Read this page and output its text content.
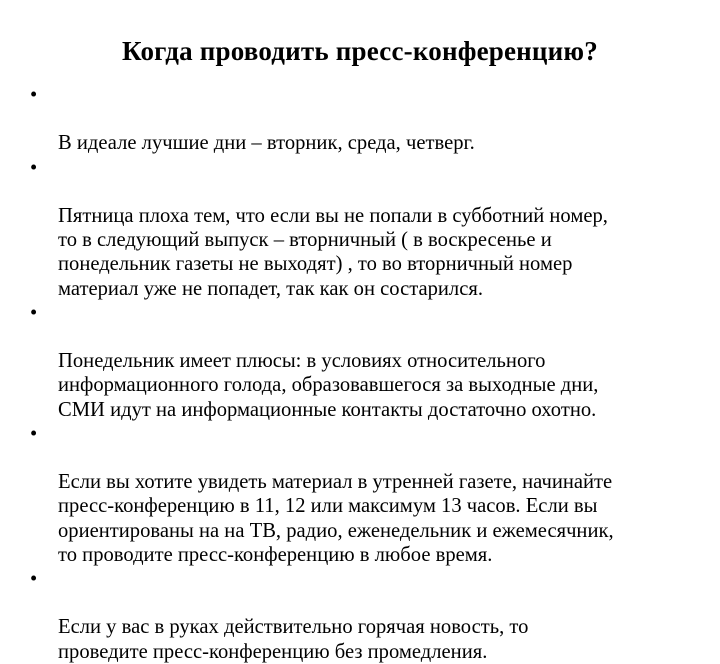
Когда проводить пресс-конференцию?

•

В идеале лучшие дни – вторник, среда, четверг.

•

Пятница плоха тем, что если вы не попали в субботний номер,
то в следующий выпуск – вторничный ( в воскресенье и
понедельник газеты не выходят) , то во вторничный номер
материал уже не попадет, так как он состарился.

•

Понедельник имеет плюсы: в условиях относительного
информационного голода, образовавшегося за выходные дни,
СМИ идут на информационные контакты достаточно охотно.

•

Если вы хотите увидеть материал в утренней газете, начинайте
пресс-конференцию в 11, 12 или максимум 13 часов. Если вы
ориентированы на на ТВ, радио, еженедельник и ежемесячник,
то проводите пресс-конференцию в любое время.

•

Если у вас в руках действительно горячая новость, то
проведите пресс-конференцию без промедления.
